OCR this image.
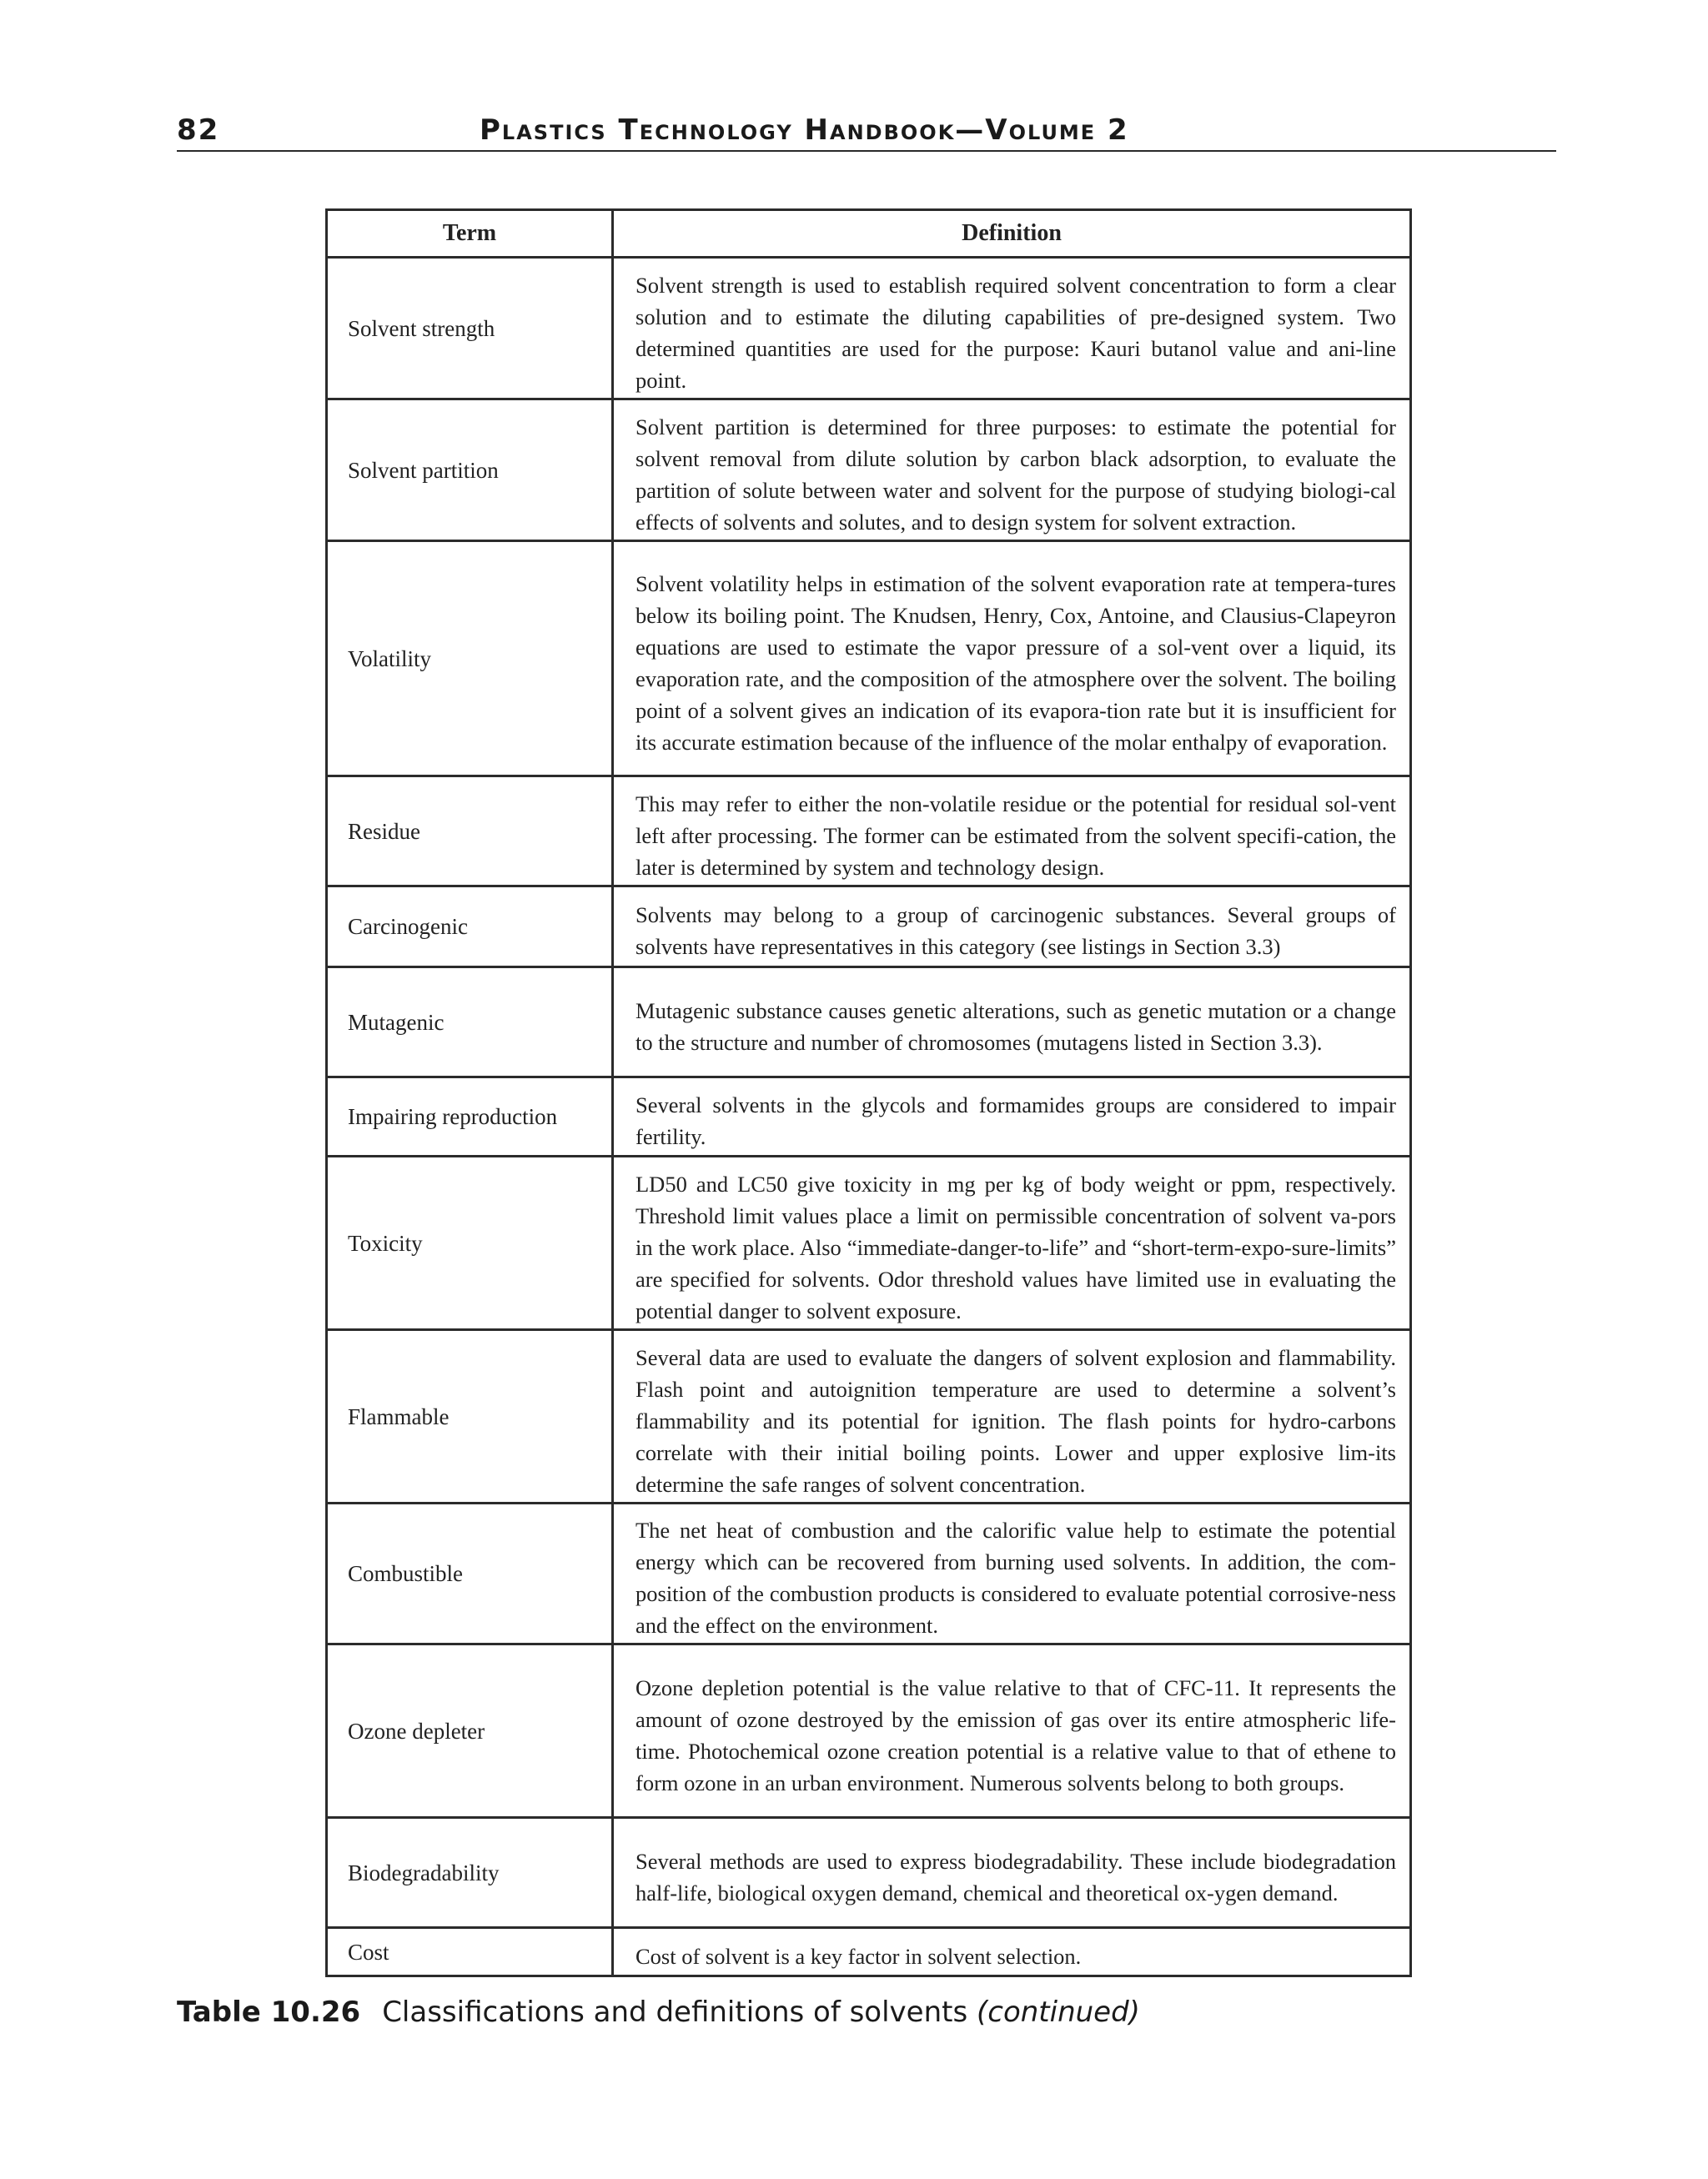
82	Plastics Technology Handbook—Volume 2
Term	Definition
Solvent strength	Solvent strength is used to establish required solvent concentration to form a clear solution and to estimate the diluting capabilities of pre-designed system. Two determined quantities are used for the purpose: Kauri butanol value and ani-line point.
Solvent partition	Solvent partition is determined for three purposes: to estimate the potential for solvent removal from dilute solution by carbon black adsorption, to evaluate the partition of solute between water and solvent for the purpose of studying biologi-cal effects of solvents and solutes, and to design system for solvent extraction.
Volatility	Solvent volatility helps in estimation of the solvent evaporation rate at tempera-tures below its boiling point. The Knudsen, Henry, Cox, Antoine, and Clausius-Clapeyron equations are used to estimate the vapor pressure of a sol-vent over a liquid, its evaporation rate, and the composition of the atmosphere over the solvent. The boiling point of a solvent gives an indication of its evapora-tion rate but it is insufficient for its accurate estimation because of the influence of the molar enthalpy of evaporation.
Residue	This may refer to either the non-volatile residue or the potential for residual sol-vent left after processing. The former can be estimated from the solvent specifi-cation, the later is determined by system and technology design.
Carcinogenic	Solvents may belong to a group of carcinogenic substances. Several groups of solvents have representatives in this category (see listings in Section 3.3)
Mutagenic	Mutagenic substance causes genetic alterations, such as genetic mutation or a change to the structure and number of chromosomes (mutagens listed in Section 3.3).
Impairing reproduction	Several solvents in the glycols and formamides groups are considered to impair fertility.
Toxicity	LD50 and LC50 give toxicity in mg per kg of body weight or ppm, respectively. Threshold limit values place a limit on permissible concentration of solvent va-pors in the work place. Also “immediate-danger-to-life” and “short-term-expo-sure-limits” are specified for solvents. Odor threshold values have limited use in evaluating the potential danger to solvent exposure.
Flammable	Several data are used to evaluate the dangers of solvent explosion and flammability. Flash point and autoignition temperature are used to determine a solvent’s flammability and its potential for ignition. The flash points for hydro-carbons correlate with their initial boiling points. Lower and upper explosive lim-its determine the safe ranges of solvent concentration.
Combustible	The net heat of combustion and the calorific value help to estimate the potential energy which can be recovered from burning used solvents. In addition, the com-position of the combustion products is considered to evaluate potential corrosive-ness and the effect on the environment.
Ozone depleter	Ozone depletion potential is the value relative to that of CFC-11. It represents the amount of ozone destroyed by the emission of gas over its entire atmospheric life-time. Photochemical ozone creation potential is a relative value to that of ethene to form ozone in an urban environment. Numerous solvents belong to both groups.
Biodegradability	Several methods are used to express biodegradability. These include biodegradation half-life, biological oxygen demand, chemical and theoretical ox-ygen demand.
Cost	Cost of solvent is a key factor in solvent selection.
Table 10.26 Classifications and definitions of solvents (continued)
